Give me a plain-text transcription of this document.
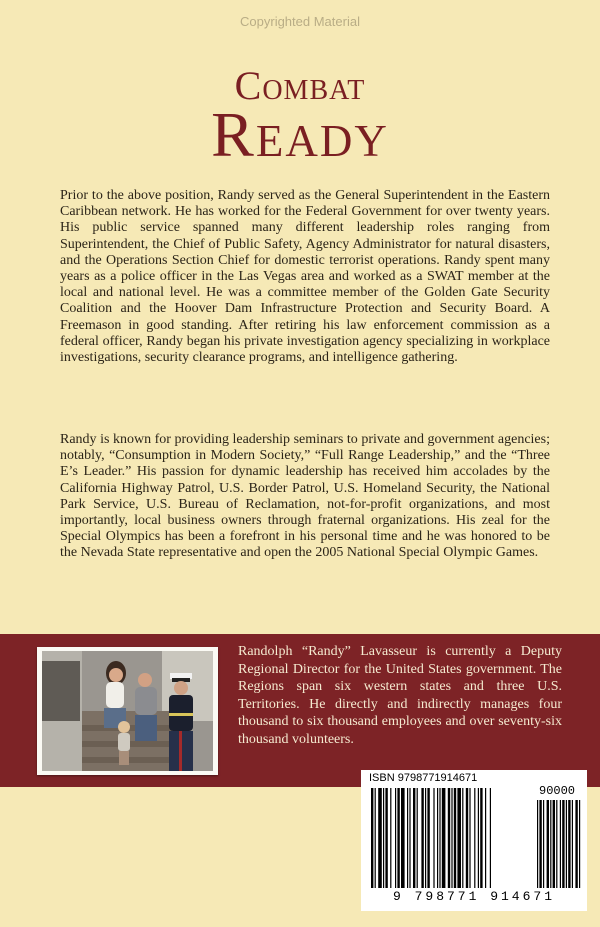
Copyrighted Material
Combat
Ready

Prior to the above position, Randy served as the General Superintendent in the Eastern Caribbean network. He has worked for the Federal Government for over twenty years. His public service spanned many different leadership roles ranging from Superintendent, the Chief of Public Safety, Agency Administrator for natural disasters, and the Operations Section Chief for domestic terrorist operations. Randy spent many years as a police officer in the Las Vegas area and worked as a SWAT member at the local and national level. He was a committee member of the Golden Gate Security Coalition and the Hoover Dam Infrastructure Protection and Security Board. A Freemason in good standing. After retiring his law enforcement commission as a federal officer, Randy began his private investigation agency specializing in workplace investigations, security clearance programs, and intelligence gathering.

Randy is known for providing leadership seminars to private and government agencies; notably, “Consumption in Modern Society,” “Full Range Leadership,” and the “Three E’s Leader.” His passion for dynamic leadership has received him accolades by the California Highway Patrol, U.S. Border Patrol, U.S. Homeland Security, the National Park Service, U.S. Bureau of Reclamation, not-for-profit organizations, and most importantly, local business owners through fraternal organizations. His zeal for the Special Olympics has been a forefront in his personal time and he was honored to be the Nevada State representative and open the 2005 National Special Olympic Games.

Randolph “Randy” Lavasseur is currently a Deputy Regional Director for the United States government. The Regions span six western states and three U.S. Territories. He directly and indirectly manages four thousand to six thousand employees and over seventy-six thousand volunteers.

ISBN 9798771914671
90000
9 798771 914671
